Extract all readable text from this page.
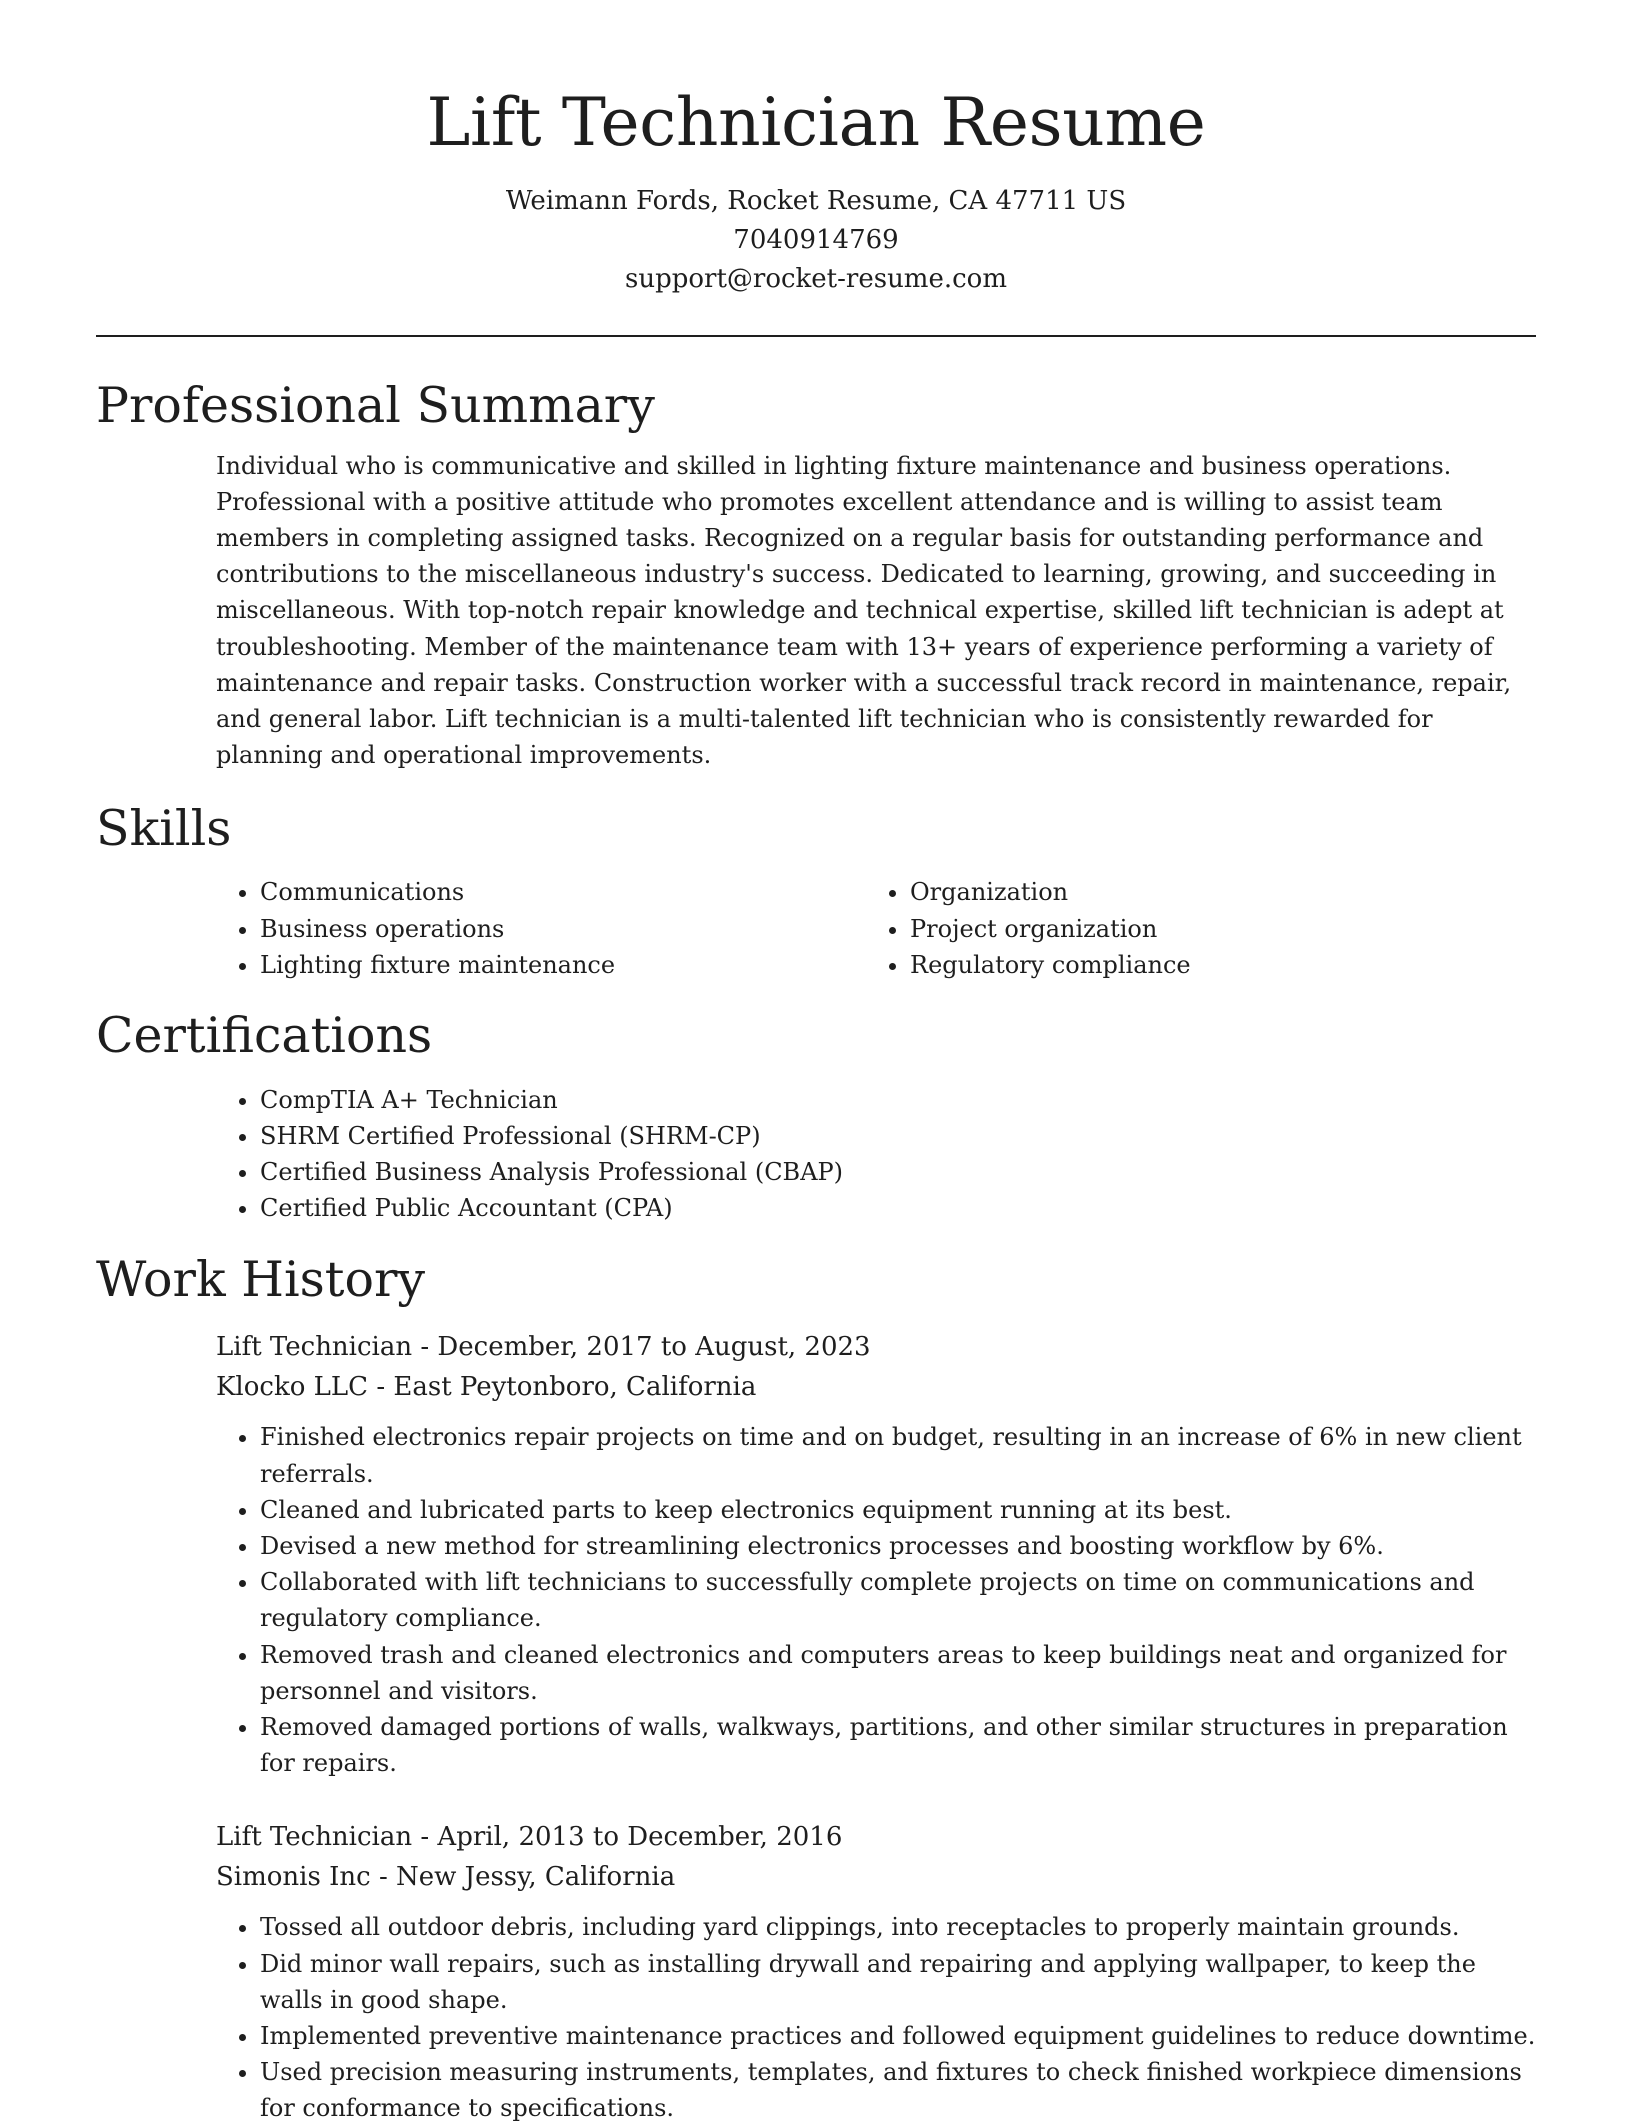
Lift Technician Resume
Weimann Fords, Rocket Resume, CA 47711 US
7040914769
support@rocket-resume.com
Professional Summary

Individual who is communicative and skilled in lighting fixture maintenance and business operations. Professional with a positive attitude who promotes excellent attendance and is willing to assist team members in completing assigned tasks. Recognized on a regular basis for outstanding performance and contributions to the miscellaneous industry's success. Dedicated to learning, growing, and succeeding in miscellaneous. With top-notch repair knowledge and technical expertise, skilled lift technician is adept at troubleshooting. Member of the maintenance team with 13+ years of experience performing a variety of maintenance and repair tasks. Construction worker with a successful track record in maintenance, repair, and general labor. Lift technician is a multi-talented lift technician who is consistently rewarded for planning and operational improvements.

Skills
• Communications
• Business operations
• Lighting fixture maintenance
• Organization
• Project organization
• Regulatory compliance
Certifications
• CompTIA A+ Technician
• SHRM Certified Professional (SHRM-CP)
• Certified Business Analysis Professional (CBAP)
• Certified Public Accountant (CPA)
Work History
Lift Technician - December, 2017 to August, 2023
Klocko LLC - East Peytonboro, California
• Finished electronics repair projects on time and on budget, resulting in an increase of 6% in new client referrals.
• Cleaned and lubricated parts to keep electronics equipment running at its best.
• Devised a new method for streamlining electronics processes and boosting workflow by 6%.
• Collaborated with lift technicians to successfully complete projects on time on communications and regulatory compliance.
• Removed trash and cleaned electronics and computers areas to keep buildings neat and organized for personnel and visitors.
• Removed damaged portions of walls, walkways, partitions, and other similar structures in preparation for repairs.
Lift Technician - April, 2013 to December, 2016
Simonis Inc - New Jessy, California
• Tossed all outdoor debris, including yard clippings, into receptacles to properly maintain grounds.
• Did minor wall repairs, such as installing drywall and repairing and applying wallpaper, to keep the walls in good shape.
• Implemented preventive maintenance practices and followed equipment guidelines to reduce downtime.
• Used precision measuring instruments, templates, and fixtures to check finished workpiece dimensions for conformance to specifications.
